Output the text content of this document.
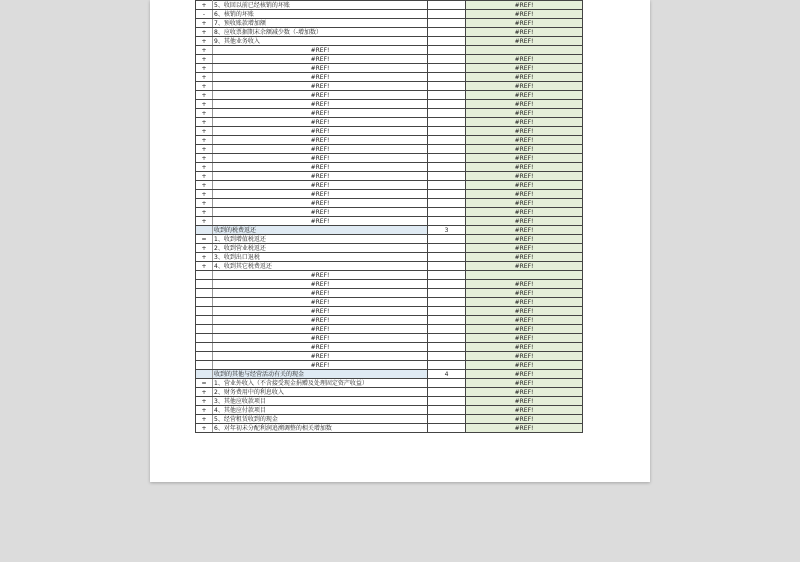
+	5、收回以前已经核销的坏账		#REF!
-	6、核销的坏账		#REF!
+	7、预收账款增加额		#REF!
+	8、应收票据期末余额减少数（-增加数）		#REF!
+	9、其他业务收入		#REF!
+	#REF!		
+	#REF!		#REF!
+	#REF!		#REF!
+	#REF!		#REF!
+	#REF!		#REF!
+	#REF!		#REF!
+	#REF!		#REF!
+	#REF!		#REF!
+	#REF!		#REF!
+	#REF!		#REF!
+	#REF!		#REF!
+	#REF!		#REF!
+	#REF!		#REF!
+	#REF!		#REF!
+	#REF!		#REF!
+	#REF!		#REF!
+	#REF!		#REF!
+	#REF!		#REF!
+	#REF!		#REF!
+	#REF!		#REF!
	收到的税费返还	3	#REF!
=	1、收到增值税返还		#REF!
+	2、收到营业税返还		#REF!
+	3、收到出口退税		#REF!
+	4、收到其它税费返还		#REF!
	#REF!		
	#REF!		#REF!
	#REF!		#REF!
	#REF!		#REF!
	#REF!		#REF!
	#REF!		#REF!
	#REF!		#REF!
	#REF!		#REF!
	#REF!		#REF!
	#REF!		#REF!
	#REF!		#REF!
	收到的其他与经营活动有关的现金	4	#REF!
=	1、营业外收入（不含接受现金捐赠及处理固定资产收益）		#REF!
+	2、财务费用中的利息收入		#REF!
+	3、其他应收款项目		#REF!
+	4、其他应付款项目		#REF!
+	5、经营租赁收到的现金		#REF!
+	6、对年初未分配利润追溯调整的相关增加数		#REF!
